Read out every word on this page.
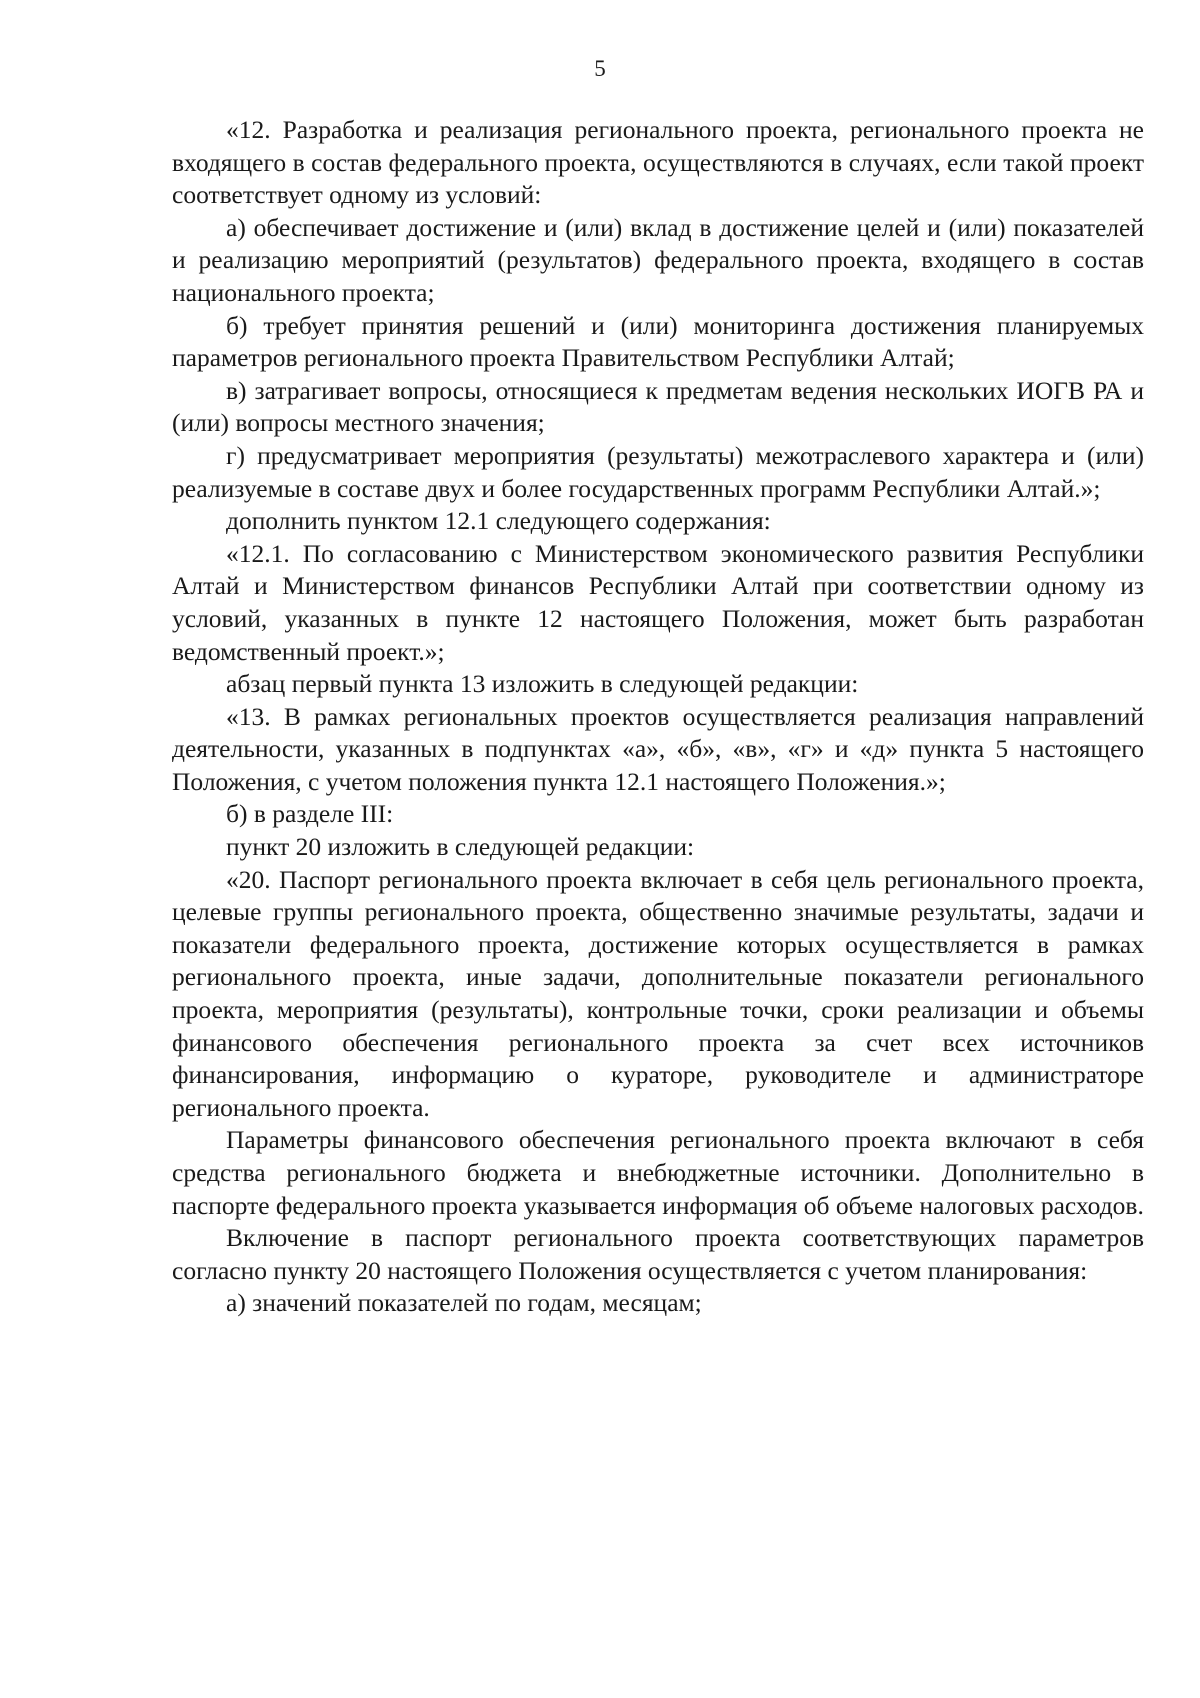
5

«12. Разработка и реализация регионального проекта, регионального проекта не входящего в состав федерального проекта, осуществляются в случаях, если такой проект соответствует одному из условий:

а) обеспечивает достижение и (или) вклад в достижение целей и (или) показателей и реализацию мероприятий (результатов) федерального проекта, входящего в состав национального проекта;

б) требует принятия решений и (или) мониторинга достижения планируемых параметров регионального проекта Правительством Республики Алтай;

в) затрагивает вопросы, относящиеся к предметам ведения нескольких ИОГВ РА и (или) вопросы местного значения;

г) предусматривает мероприятия (результаты) межотраслевого характера и (или) реализуемые в составе двух и более государственных программ Республики Алтай.»;

дополнить пунктом 12.1 следующего содержания:

«12.1. По согласованию с Министерством экономического развития Республики Алтай и Министерством финансов Республики Алтай при соответствии одному из условий, указанных в пункте 12 настоящего Положения, может быть разработан ведомственный проект.»;

абзац первый пункта 13 изложить в следующей редакции:

«13. В рамках региональных проектов осуществляется реализация направлений деятельности, указанных в подпунктах «а», «б», «в», «г» и «д» пункта 5 настоящего Положения, с учетом положения пункта 12.1 настоящего Положения.»;

б) в разделе III:

пункт 20 изложить в следующей редакции:

«20. Паспорт регионального проекта включает в себя цель регионального проекта, целевые группы регионального проекта, общественно значимые результаты, задачи и показатели федерального проекта, достижение которых осуществляется в рамках регионального проекта, иные задачи, дополнительные показатели регионального проекта, мероприятия (результаты), контрольные точки, сроки реализации и объемы финансового обеспечения регионального проекта за счет всех источников финансирования, информацию о кураторе, руководителе и администраторе регионального проекта.

Параметры финансового обеспечения регионального проекта включают в себя средства регионального бюджета и внебюджетные источники. Дополнительно в паспорте федерального проекта указывается информация об объеме налоговых расходов.

Включение в паспорт регионального проекта соответствующих параметров согласно пункту 20 настоящего Положения осуществляется с учетом планирования:

а) значений показателей по годам, месяцам;
